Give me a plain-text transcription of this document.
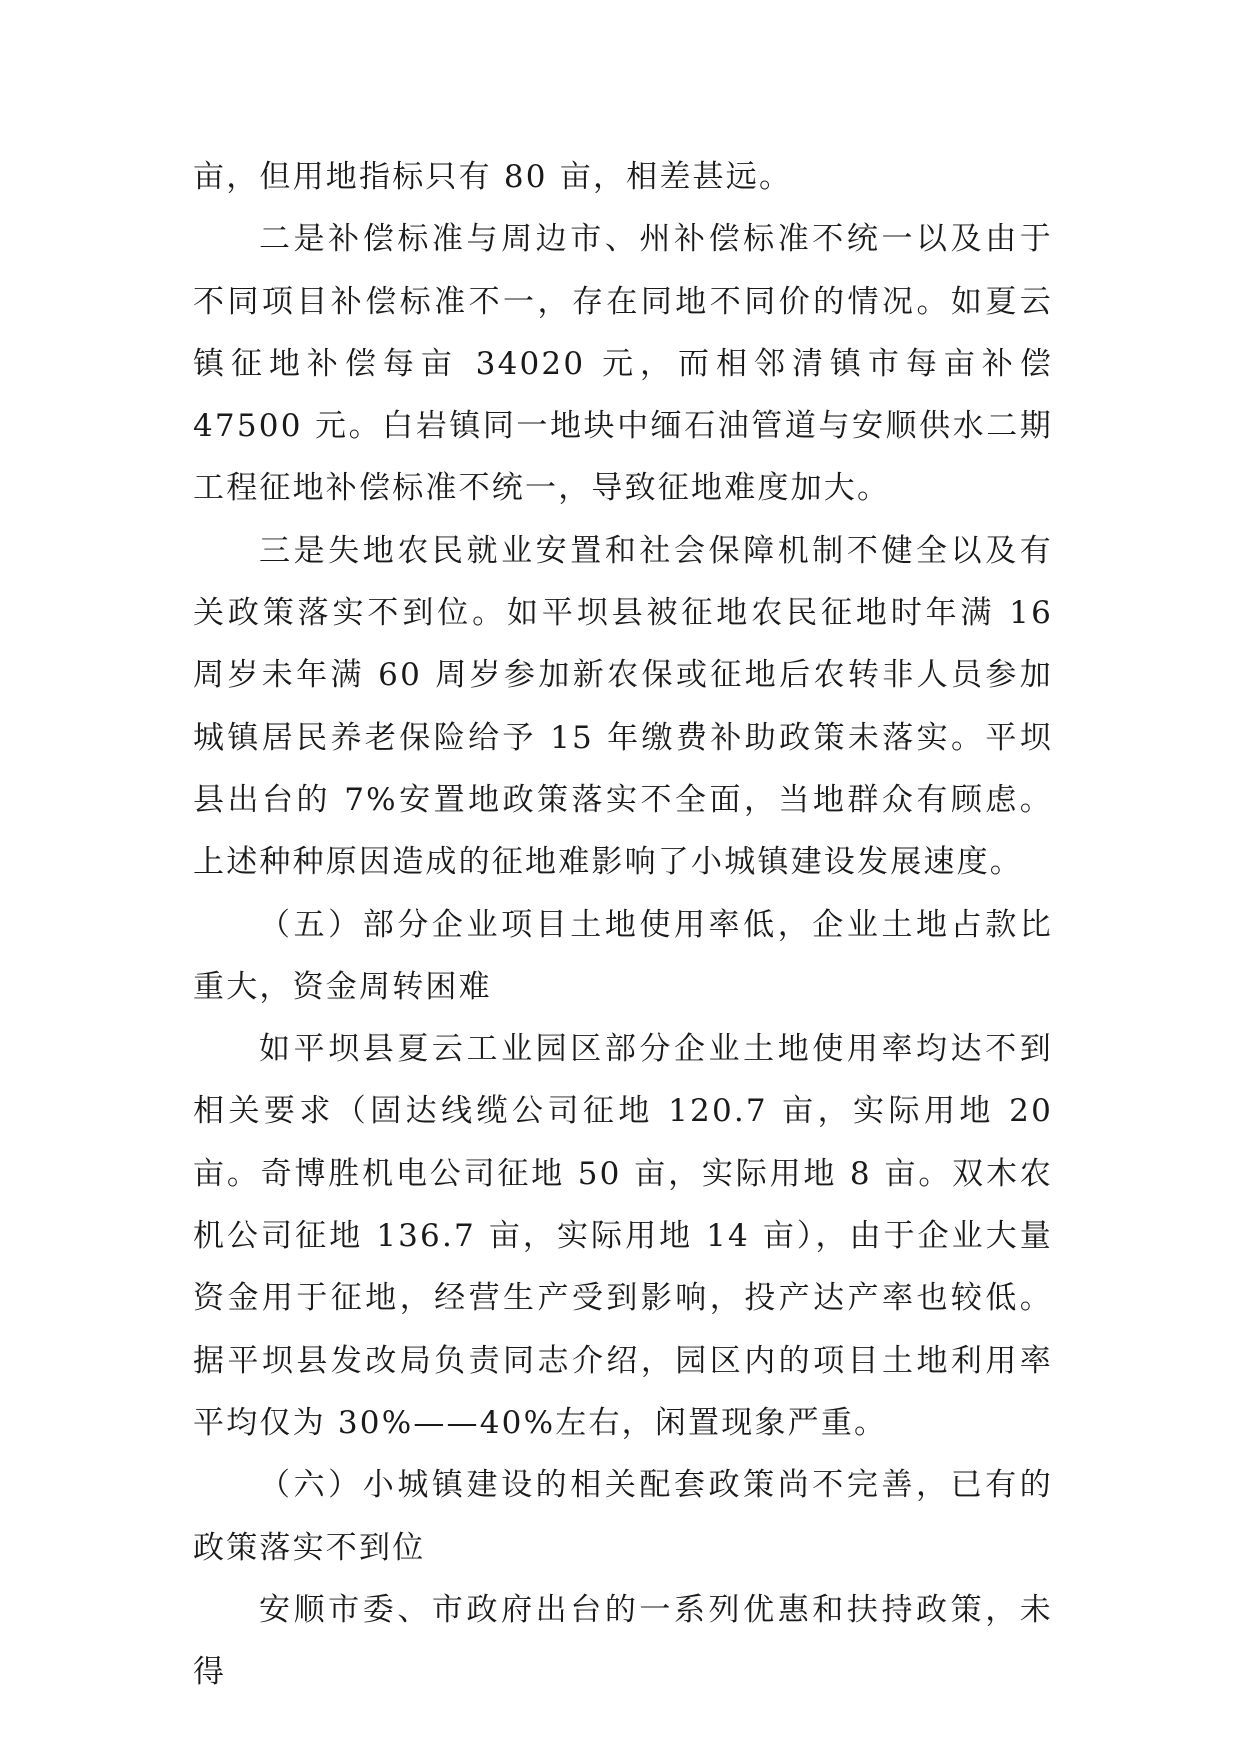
亩，但用地指标只有 80 亩，相差甚远。

二是补偿标准与周边市、州补偿标准不统一以及由于不同项目补偿标准不一，存在同地不同价的情况。如夏云镇征地补偿每亩 34020 元，而相邻清镇市每亩补偿 47500 元。白岩镇同一地块中缅石油管道与安顺供水二期工程征地补偿标准不统一，导致征地难度加大。

三是失地农民就业安置和社会保障机制不健全以及有关政策落实不到位。如平坝县被征地农民征地时年满 16 周岁未年满 60 周岁参加新农保或征地后农转非人员参加城镇居民养老保险给予 15 年缴费补助政策未落实。平坝县出台的 7%安置地政策落实不全面，当地群众有顾虑。上述种种原因造成的征地难影响了小城镇建设发展速度。

（五）部分企业项目土地使用率低，企业土地占款比重大，资金周转困难

如平坝县夏云工业园区部分企业土地使用率均达不到相关要求（固达线缆公司征地 120.7 亩，实际用地 20 亩。奇博胜机电公司征地 50 亩，实际用地 8 亩。双木农机公司征地 136.7 亩，实际用地 14 亩），由于企业大量资金用于征地，经营生产受到影响，投产达产率也较低。据平坝县发改局负责同志介绍，园区内的项目土地利用率平均仅为 30%——40%左右，闲置现象严重。

（六）小城镇建设的相关配套政策尚不完善，已有的政策落实不到位

安顺市委、市政府出台的一系列优惠和扶持政策，未得
